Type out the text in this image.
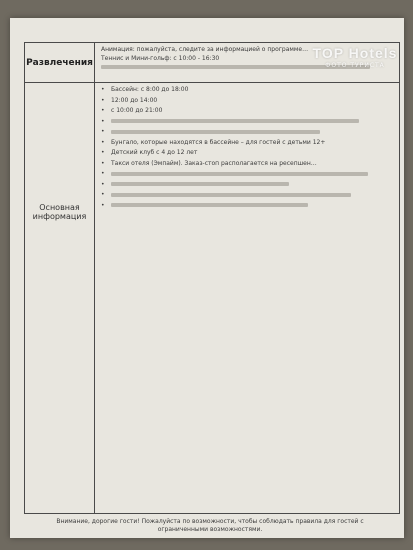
Развлечения
Анимация: пожалуйста, следите за информацией о программе…
Теннис и Мини-гольф: с 10:00 - 16:30
Основная информация
•	Бассейн: с 8:00 до 18:00
•	12:00 до 14:00
•	с 10:00 до 21:00
•
•
•	Бунгало, которые находятся в бассейне – для гостей с детьми 12+
•	Детский клуб с 4 до 12 лет
•	Такси отеля (Эмпайм). Заказ-стоп располагается на ресепшен…
•
•
•
•
Внимание, дорогие гости! Пожалуйста по возможности, чтобы соблюдать правила для гостей с ограниченными возможностями.
TOP Hotels
ФОТО ТУРИСТА
